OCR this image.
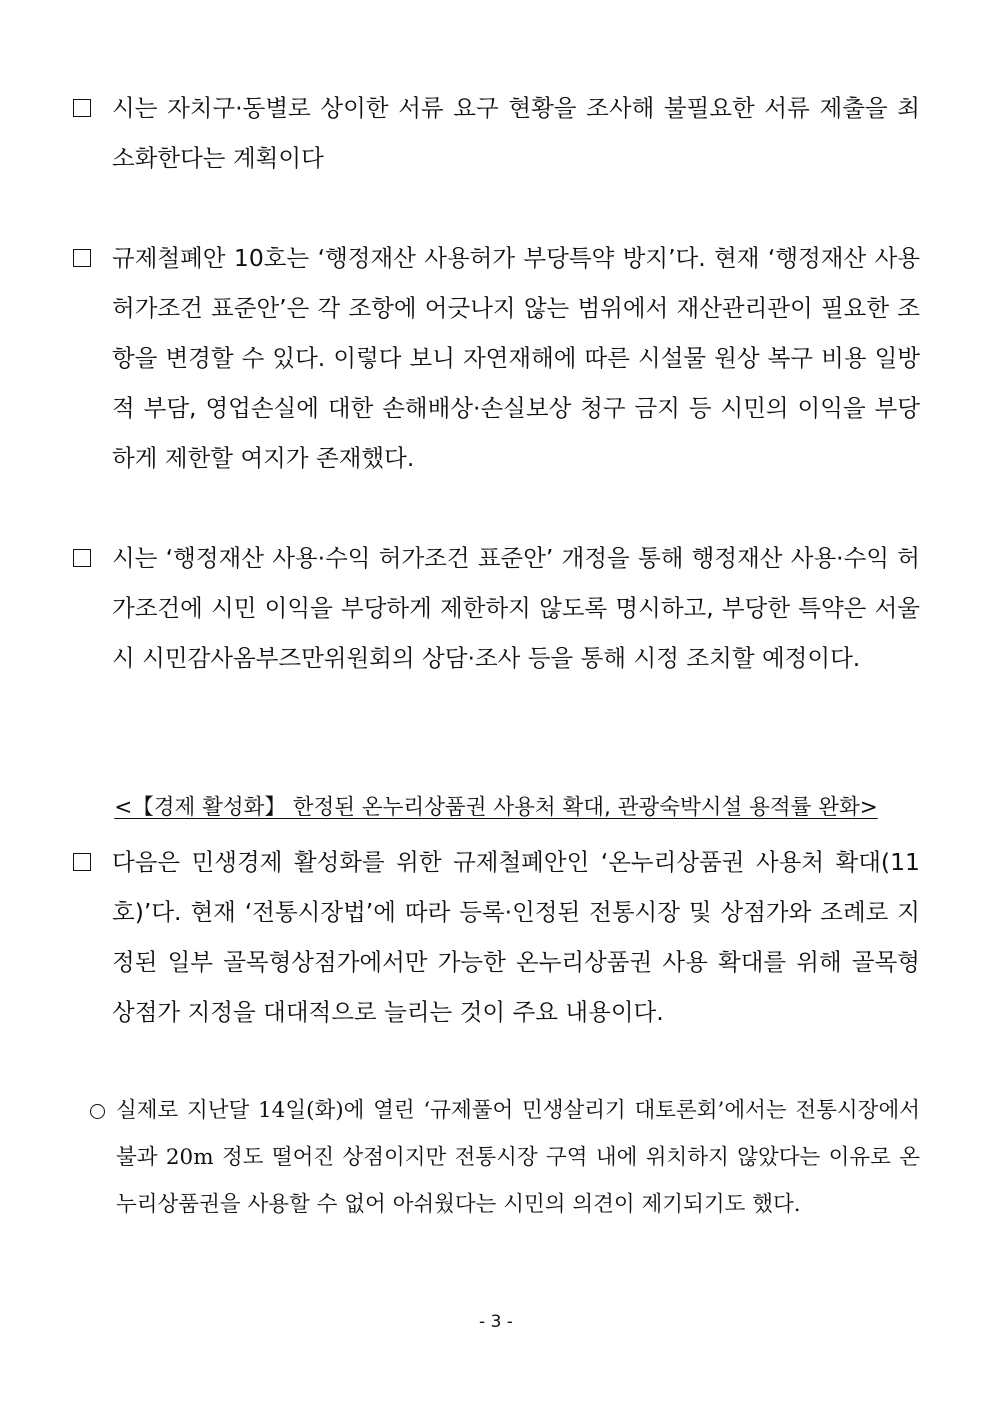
시는 자치구·동별로 상이한 서류 요구 현황을 조사해 불필요한 서류 제출을 최소화한다는 계획이다

규제철폐안 10호는 ‘행정재산 사용허가 부당특약 방지’다. 현재 ‘행정재산 사용 허가조건 표준안’은 각 조항에 어긋나지 않는 범위에서 재산관리관이 필요한 조항을 변경할 수 있다. 이렇다 보니 자연재해에 따른 시설물 원상 복구 비용 일방적 부담, 영업손실에 대한 손해배상·손실보상 청구 금지 등 시민의 이익을 부당하게 제한할 여지가 존재했다.

시는 ‘행정재산 사용·수익 허가조건 표준안’ 개정을 통해 행정재산 사용·수익 허가조건에 시민 이익을 부당하게 제한하지 않도록 명시하고, 부당한 특약은 서울시 시민감사옴부즈만위원회의 상담·조사 등을 통해 시정 조치할 예정이다.

<【경제 활성화】 한정된 온누리상품권 사용처 확대, 관광숙박시설 용적률 완화>

다음은 민생경제 활성화를 위한 규제철폐안인 ‘온누리상품권 사용처 확대(11호)’다. 현재 ‘전통시장법’에 따라 등록·인정된 전통시장 및 상점가와 조례로 지정된 일부 골목형상점가에서만 가능한 온누리상품권 사용 확대를 위해 골목형상점가 지정을 대대적으로 늘리는 것이 주요 내용이다.

실제로 지난달 14일(화)에 열린 ‘규제풀어 민생살리기 대토론회’에서는 전통시장에서 불과 20m 정도 떨어진 상점이지만 전통시장 구역 내에 위치하지 않았다는 이유로 온누리상품권을 사용할 수 없어 아쉬웠다는 시민의 의견이 제기되기도 했다.

- 3 -
